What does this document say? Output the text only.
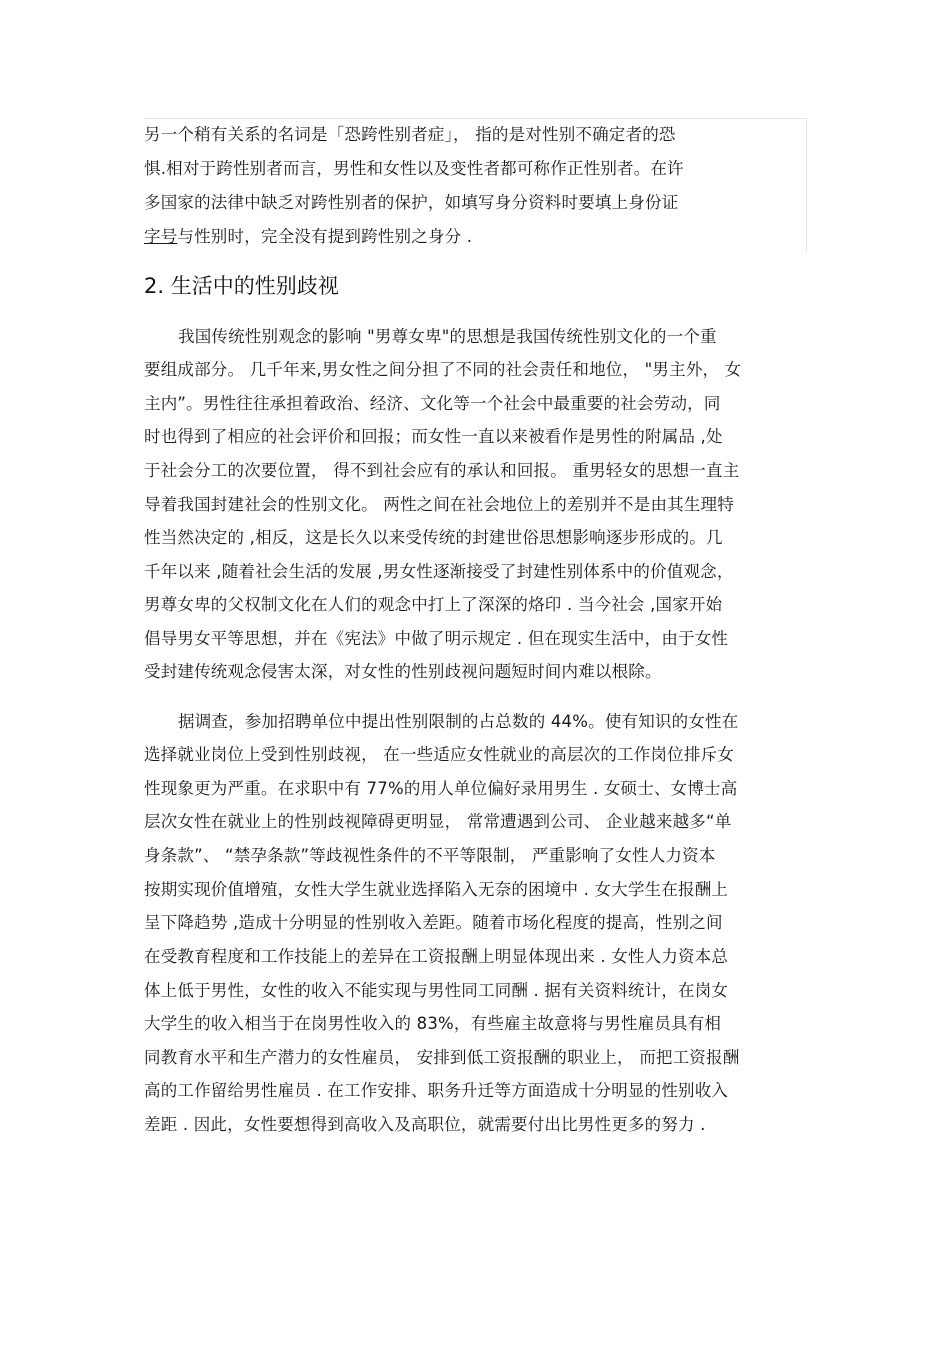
另一个稍有关系的名词是「恐跨性别者症」， 指的是对性别不确定者的恐
惧.相对于跨性别者而言，男性和女性以及变性者都可称作正性别者。在许
多国家的法律中缺乏对跨性别者的保护，如填写身分资料时要填上身份证
字号与性别时，完全没有提到跨性别之身分 .
2. 生活中的性别歧视
我国传统性别观念的影响 "男尊女卑"的思想是我国传统性别文化的一个重
要组成部分。 几千年来,男女性之间分担了不同的社会责任和地位， "男主外， 女
主内”。男性往往承担着政治、经济、文化等一个社会中最重要的社会劳动，同
时也得到了相应的社会评价和回报；而女性一直以来被看作是男性的附属品 ,处
于社会分工的次要位置， 得不到社会应有的承认和回报。 重男轻女的思想一直主
导着我国封建社会的性别文化。 两性之间在社会地位上的差别并不是由其生理特
性当然决定的 ,相反，这是长久以来受传统的封建世俗思想影响逐步形成的。几
千年以来 ,随着社会生活的发展 ,男女性逐渐接受了封建性别体系中的价值观念，
男尊女卑的父权制文化在人们的观念中打上了深深的烙印 . 当今社会 ,国家开始
倡导男女平等思想，并在《宪法》中做了明示规定 . 但在现实生活中，由于女性
受封建传统观念侵害太深，对女性的性别歧视问题短时间内难以根除。
据调查，参加招聘单位中提出性别限制的占总数的 44%。使有知识的女性在
选择就业岗位上受到性别歧视， 在一些适应女性就业的高层次的工作岗位排斥女
性现象更为严重。在求职中有 77%的用人单位偏好录用男生 . 女硕士、女博士高
层次女性在就业上的性别歧视障碍更明显， 常常遭遇到公司、 企业越来越多“单
身条款”、 “禁孕条款”等歧视性条件的不平等限制， 严重影响了女性人力资本
按期实现价值增殖，女性大学生就业选择陷入无奈的困境中 . 女大学生在报酬上
呈下降趋势 ,造成十分明显的性别收入差距。随着市场化程度的提高，性别之间
在受教育程度和工作技能上的差异在工资报酬上明显体现出来 . 女性人力资本总
体上低于男性，女性的收入不能实现与男性同工同酬 . 据有关资料统计，在岗女
大学生的收入相当于在岗男性收入的 83%，有些雇主故意将与男性雇员具有相
同教育水平和生产潜力的女性雇员， 安排到低工资报酬的职业上， 而把工资报酬
高的工作留给男性雇员 . 在工作安排、职务升迁等方面造成十分明显的性别收入
差距 . 因此，女性要想得到高收入及高职位，就需要付出比男性更多的努力 .
